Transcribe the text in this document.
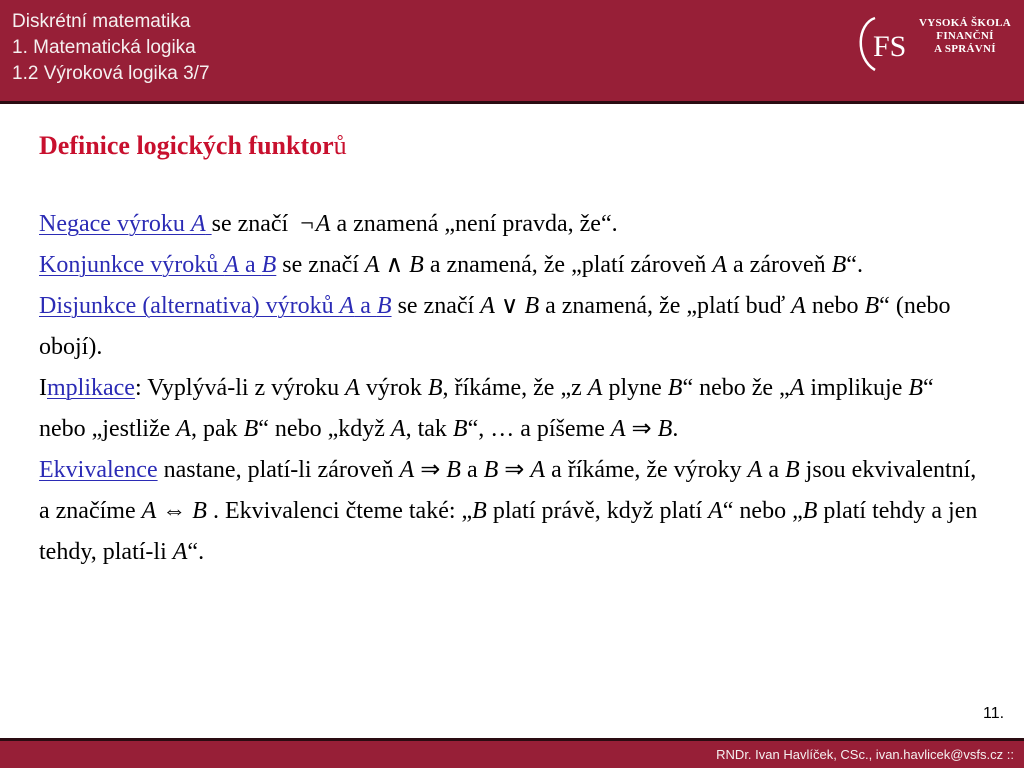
Diskrétní matematika
1. Matematická logika
1.2 Výroková logika 3/7
FS
VYSOKÁ ŠKOLA
FINANČNÍ
A SPRÁVNÍ
Definice logických funktorů

Negace výroku A se značí ¬A a znamená „není pravda, že“.

Konjunkce výroků A a B se značí A ∧ B a znamená, že „platí zároveň A a zároveň B“.

Disjunkce (alternativa) výroků A a B se značí A ∨ B a znamená, že „platí buď A nebo B“ (nebo obojí).

Implikace: Vyplývá-li z výroku A výrok B, říkáme, že „z A plyne B“ nebo že „A implikuje B“ nebo „jestliže A, pak B“ nebo „když A, tak B“, … a píšeme A ⇒ B.

Ekvivalence nastane, platí-li zároveň A ⇒ B a B ⇒ A a říkáme, že výroky A a B jsou ekvivalentní, a značíme A ⇔ B . Ekvivalenci čteme také: „B platí právě, když platí A“ nebo „B platí tehdy a jen tehdy, platí-li A“.

11.
RNDr. Ivan Havlíček, CSc., ivan.havlicek@vsfs.cz ::
